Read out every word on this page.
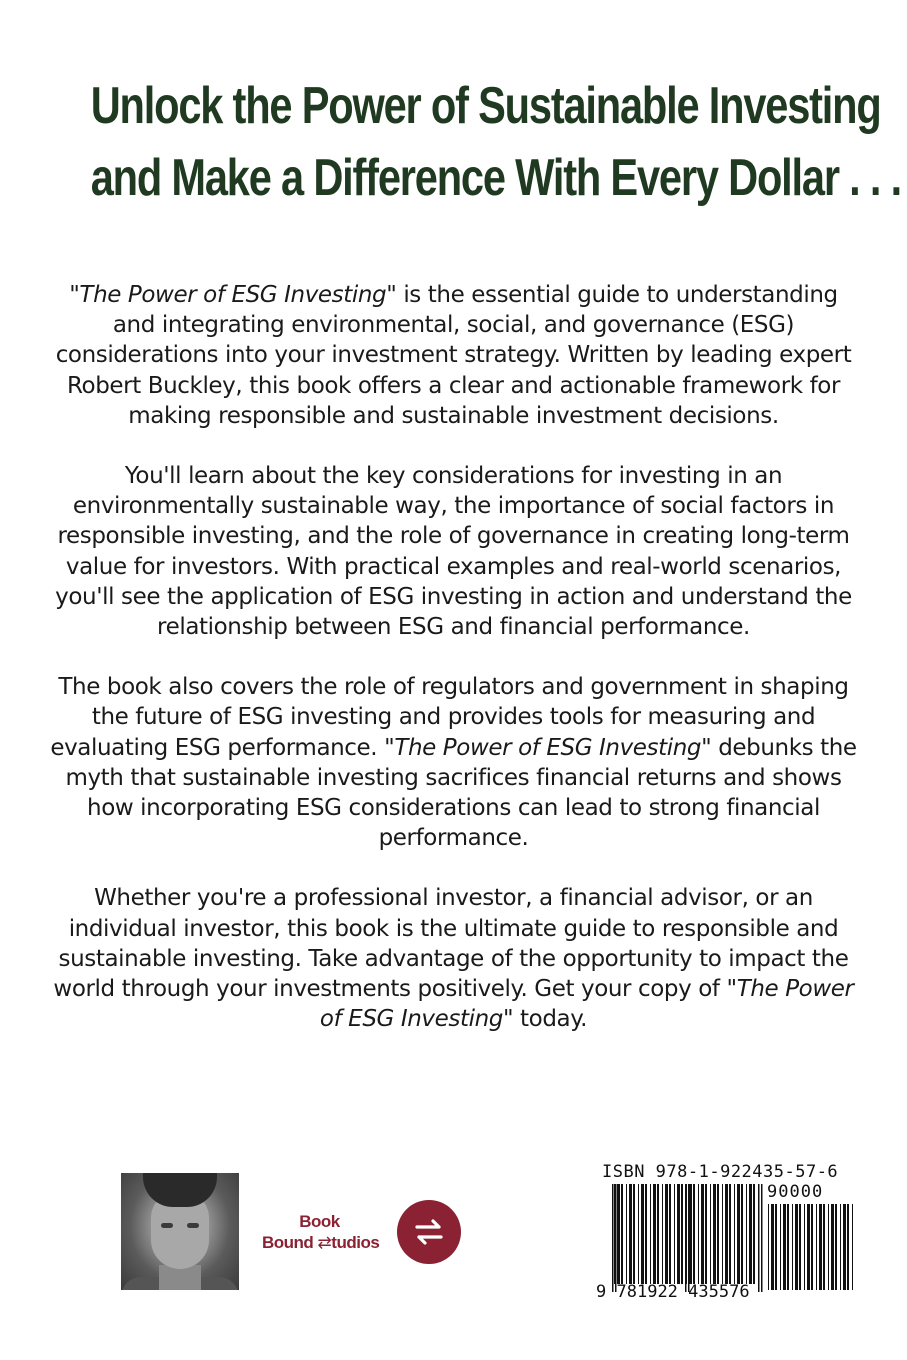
Unlock the Power of Sustainable Investing
and Make a Difference With Every Dollar . . .

"The Power of ESG Investing" is the essential guide to understanding and integrating environmental, social, and governance (ESG) considerations into your investment strategy. Written by leading expert Robert Buckley, this book offers a clear and actionable framework for making responsible and sustainable investment decisions.

You'll learn about the key considerations for investing in an environmentally sustainable way, the importance of social factors in responsible investing, and the role of governance in creating long-term value for investors. With practical examples and real-world scenarios, you'll see the application of ESG investing in action and understand the relationship between ESG and financial performance.

The book also covers the role of regulators and government in shaping the future of ESG investing and provides tools for measuring and evaluating ESG performance. "The Power of ESG Investing" debunks the myth that sustainable investing sacrifices financial returns and shows how incorporating ESG considerations can lead to strong financial performance.

Whether you're a professional investor, a financial advisor, or an individual investor, this book is the ultimate guide to responsible and sustainable investing. Take advantage of the opportunity to impact the world through your investments positively. Get your copy of "The Power of ESG Investing" today.

Book
Bound ⇄tudios
ISBN 978-1-922435-57-6
90000
9 781922 435576
